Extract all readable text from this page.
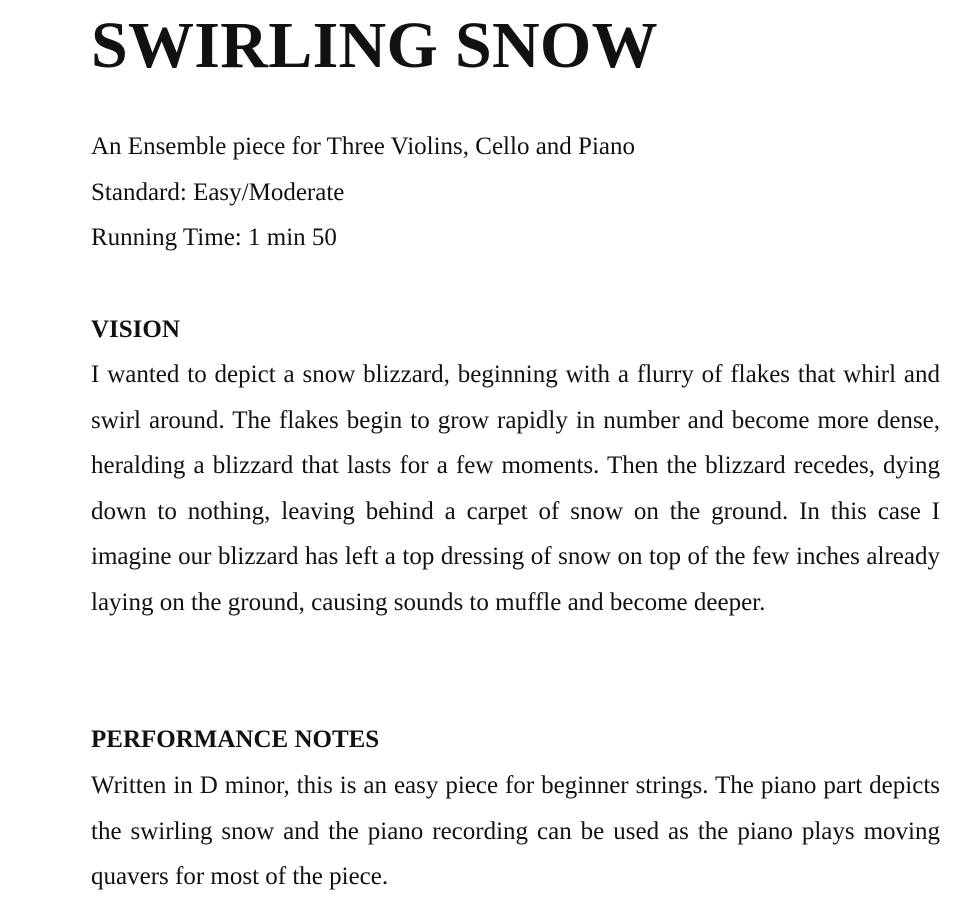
SWIRLING SNOW
An Ensemble piece for Three Violins, Cello and Piano
Standard: Easy/Moderate
Running Time: 1 min 50
VISION

I wanted to depict a snow blizzard, beginning with a flurry of flakes that whirl and swirl around. The flakes begin to grow rapidly in number and become more dense, heralding a blizzard that lasts for a few moments. Then the blizzard recedes, dying down to nothing, leaving behind a carpet of snow on the ground. In this case I imagine our blizzard has left a top dressing of snow on top of the few inches already laying on the ground, causing sounds to muffle and become deeper.

PERFORMANCE NOTES

Written in D minor, this is an easy piece for beginner strings. The piano part depicts the swirling snow and the piano recording can be used as the piano plays moving quavers for most of the piece.
